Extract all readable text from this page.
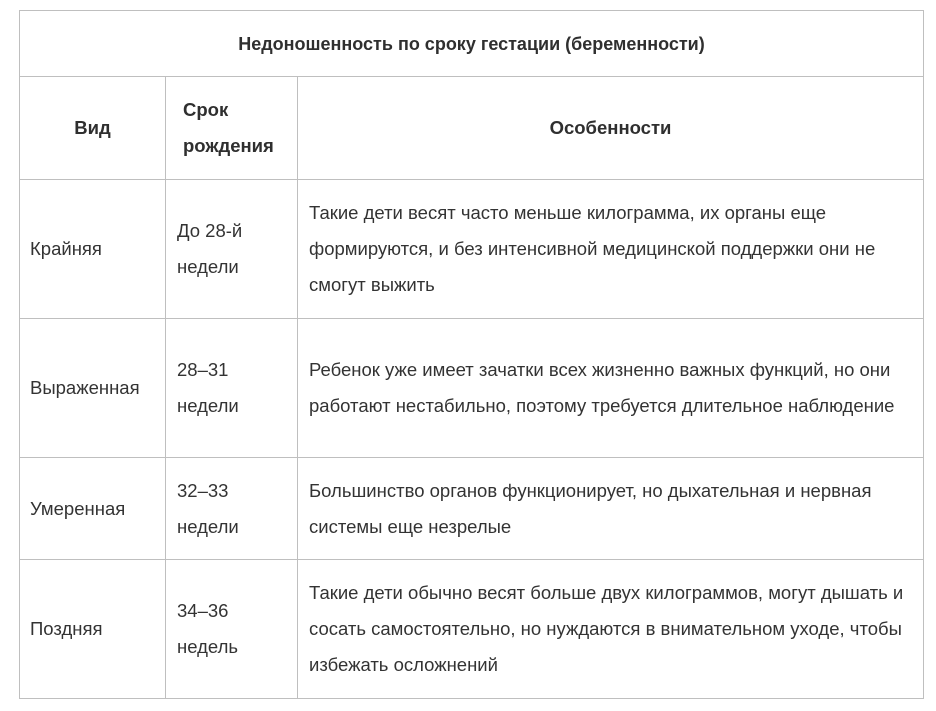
Недоношенность по сроку гестации (беременности)		
Вид	Срок рождения	Особенности
Крайняя	До 28-й недели	Такие дети весят часто меньше килограмма, их органы еще формируются, и без интенсивной медицинской поддержки они не смогут выжить
Выраженная	28–31 недели	Ребенок уже имеет зачатки всех жизненно важных функций, но они работают нестабильно, поэтому требуется длительное наблюдение
Умеренная	32–33 недели	Большинство органов функционирует, но дыхательная и нервная системы еще незрелые
Поздняя	34–36 недель	Такие дети обычно весят больше двух килограммов, могут дышать и сосать самостоятельно, но нуждаются в внимательном уходе, чтобы избежать осложнений
